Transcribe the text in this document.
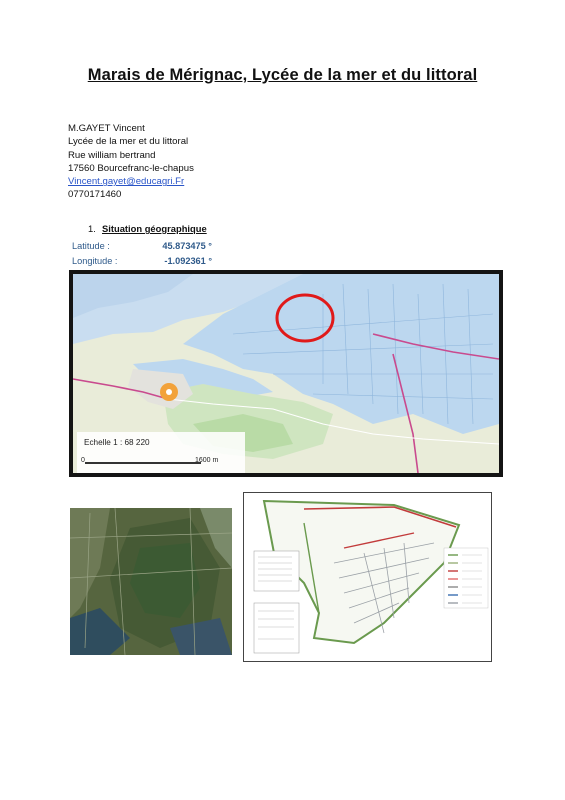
Marais de Mérignac, Lycée de la mer et du littoral
M.GAYET Vincent
Lycée de la mer et du littoral
Rue william bertrand
17560 Bourcefranc-le-chapus
Vincent.gayet@educagri.Fr
0770171460
1. Situation géographique
Latitude :	45.873475 °
Longitude :	-1.092361 °
Echelle 1 : 68 220
0	1600 m
